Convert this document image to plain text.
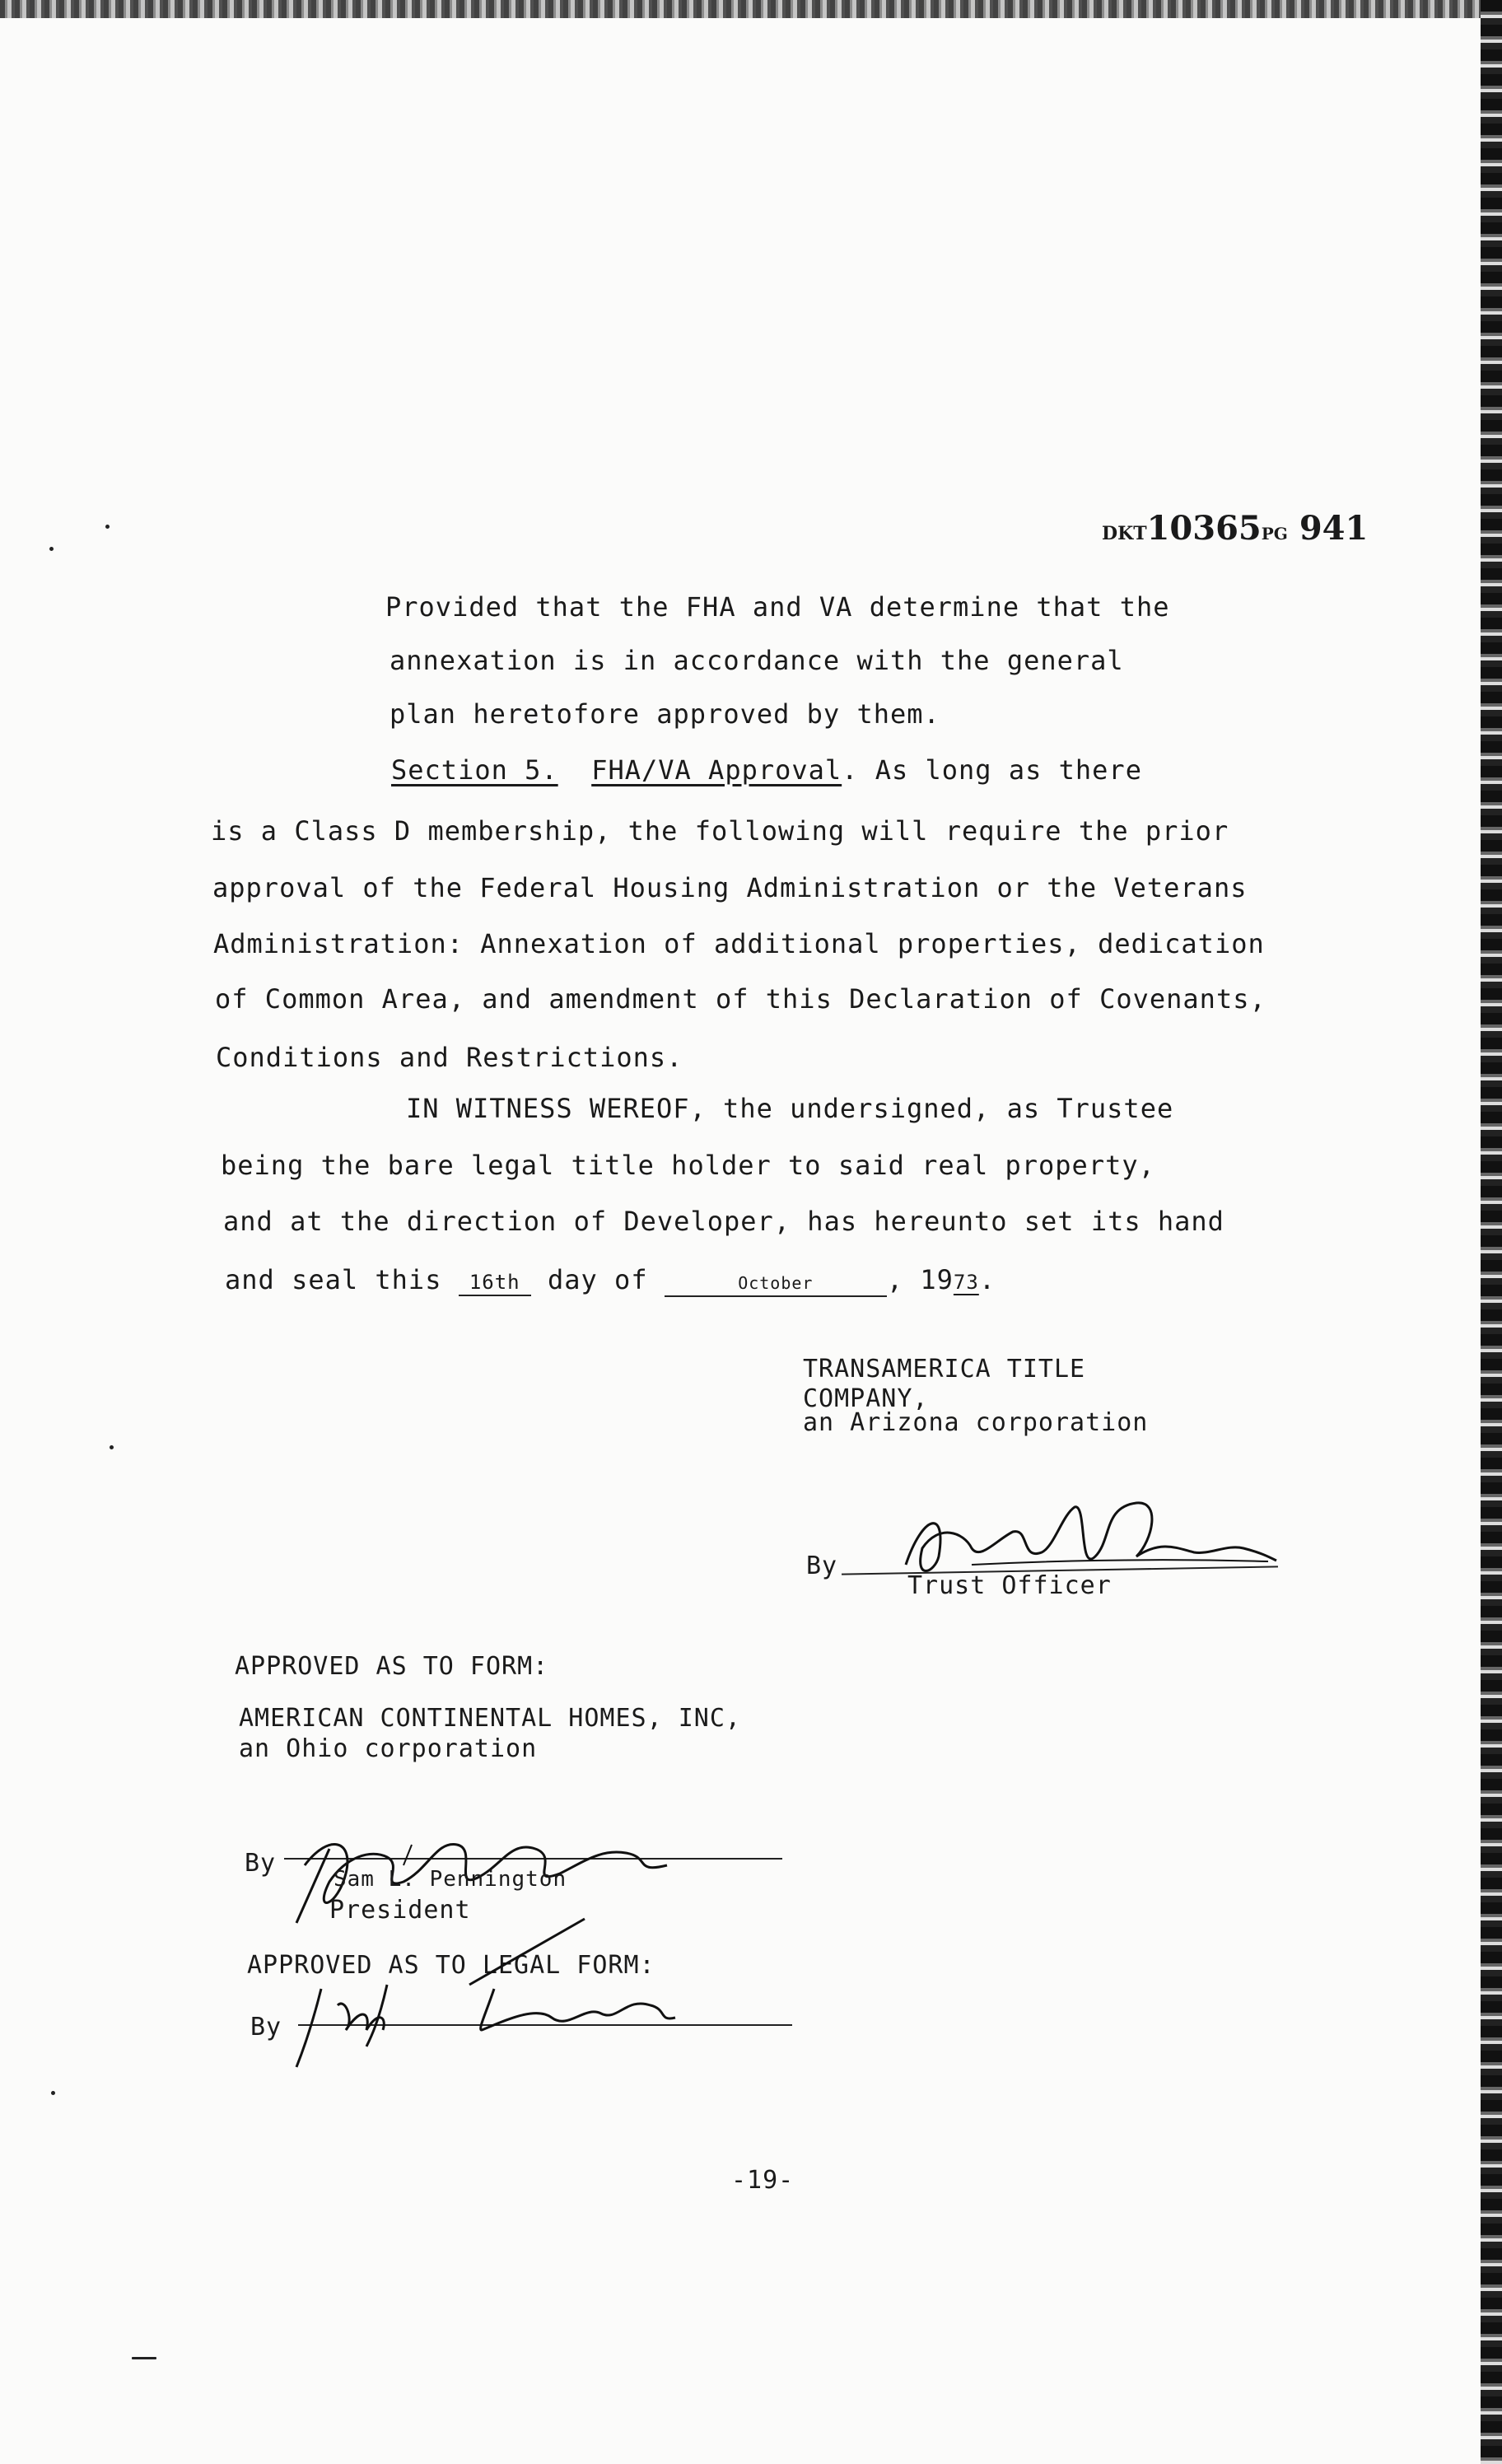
DKT10365PG 941
Provided that the FHA and VA determine that the
annexation is in accordance with the general
plan heretofore approved by them.
Section 5. FHA/VA Approval. As long as there
is a Class D membership, the following will require the prior
approval of the Federal Housing Administration or the Veterans
Administration: Annexation of additional properties, dedication
of Common Area, and amendment of this Declaration of Covenants,
Conditions and Restrictions.
IN WITNESS WEREOF, the undersigned, as Trustee
being the bare legal title holder to said real property,
and at the direction of Developer, has hereunto set its hand
and seal this 16th day of	October	, 1973.
TRANSAMERICA TITLE
COMPANY,
an Arizona corporation
By
Trust Officer
APPROVED AS TO FORM:
AMERICAN CONTINENTAL HOMES, INC,
an Ohio corporation
By
Sam L. Pennington
President
APPROVED AS TO LEGAL FORM:
By
-19-
